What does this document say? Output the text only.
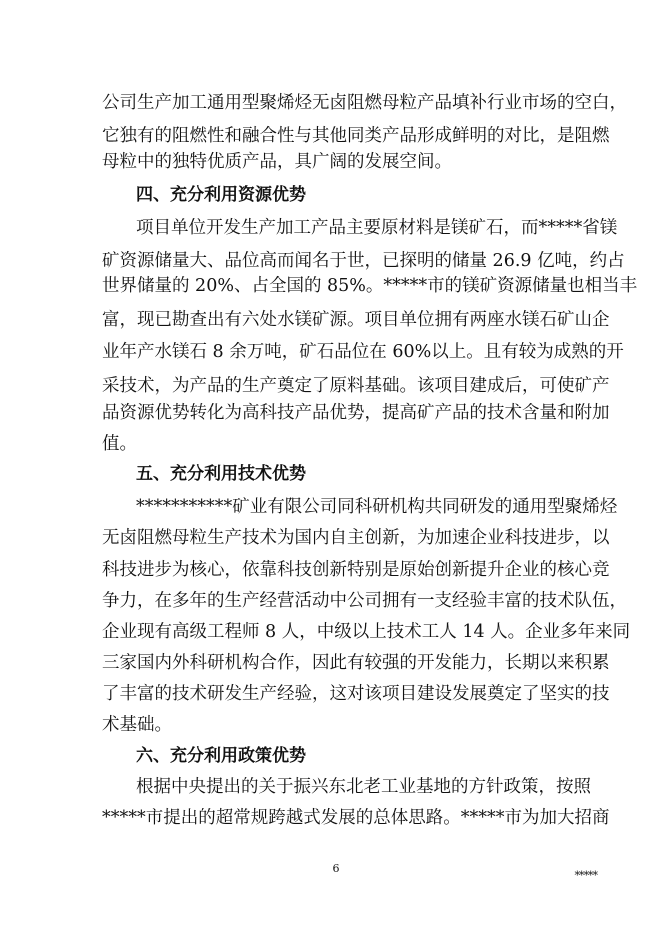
公司生产加工通用型聚烯烃无卤阻燃母粒产品填补行业市场的空白，
它独有的阻燃性和融合性与其他同类产品形成鲜明的对比，是阻燃
母粒中的独特优质产品，具广阔的发展空间。
四、充分利用资源优势
项目单位开发生产加工产品主要原材料是镁矿石，而*****省镁
矿资源储量大、品位高而闻名于世，已探明的储量 26.9 亿吨，约占
世界储量的 20%、占全国的 85%。*****市的镁矿资源储量也相当丰
富，现已勘查出有六处水镁矿源。项目单位拥有两座水镁石矿山企
业年产水镁石 8 余万吨，矿石品位在 60%以上。且有较为成熟的开
采技术，为产品的生产奠定了原料基础。该项目建成后，可使矿产
品资源优势转化为高科技产品优势，提高矿产品的技术含量和附加
值。
五、充分利用技术优势
***********矿业有限公司同科研机构共同研发的通用型聚烯烃
无卤阻燃母粒生产技术为国内自主创新，为加速企业科技进步，以
科技进步为核心，依靠科技创新特别是原始创新提升企业的核心竞
争力，在多年的生产经营活动中公司拥有一支经验丰富的技术队伍，
企业现有高级工程师 8 人，中级以上技术工人 14 人。企业多年来同
三家国内外科研机构合作，因此有较强的开发能力，长期以来积累
了丰富的技术研发生产经验，这对该项目建设发展奠定了坚实的技
术基础。
六、充分利用政策优势
根据中央提出的关于振兴东北老工业基地的方针政策，按照
*****市提出的超常规跨越式发展的总体思路。*****市为加大招商
6
*****
